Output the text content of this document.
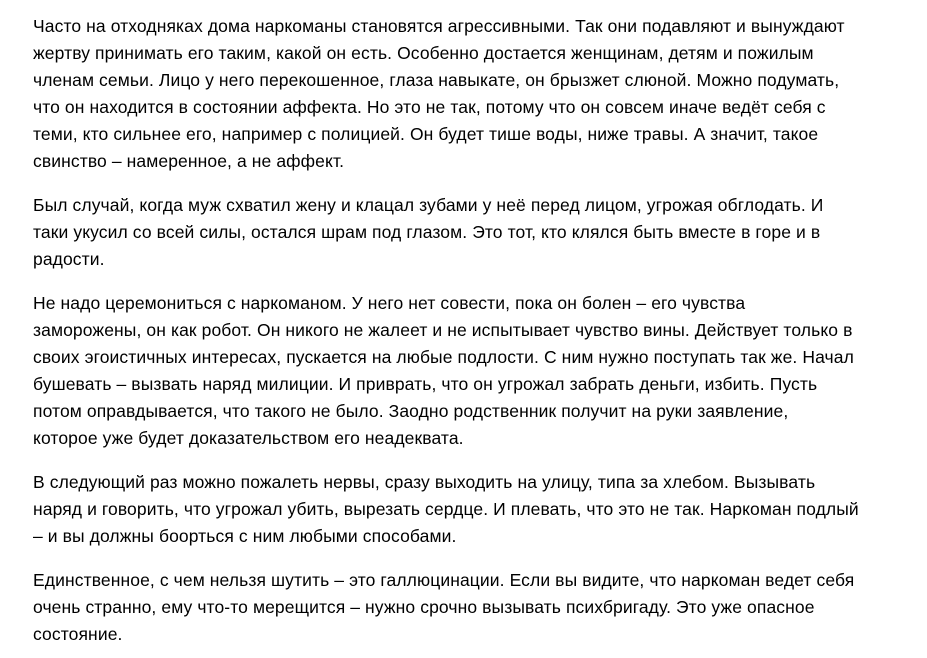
Часто на отходняках дома наркоманы становятся агрессивными. Так они подавляют и вынуждают
жертву принимать его таким, какой он есть. Особенно достается женщинам, детям и пожилым
членам семьи. Лицо у него перекошенное, глаза навыкате, он брызжет слюной. Можно подумать,
что он находится в состоянии аффекта. Но это не так, потому что он совсем иначе ведёт себя с
теми, кто сильнее его, например с полицией. Он будет тише воды, ниже травы. А значит, такое
свинство – намеренное, а не аффект.

Был случай, когда муж схватил жену и клацал зубами у неё перед лицом, угрожая обглодать. И
таки укусил со всей силы, остался шрам под глазом. Это тот, кто клялся быть вместе в горе и в
радости.

Не надо церемониться с наркоманом. У него нет совести, пока он болен – его чувства
заморожены, он как робот. Он никого не жалеет и не испытывает чувство вины. Действует только в
своих эгоистичных интересах, пускается на любые подлости. С ним нужно поступать так же. Начал
бушевать – вызвать наряд милиции. И приврать, что он угрожал забрать деньги, избить. Пусть
потом оправдывается, что такого не было. Заодно родственник получит на руки заявление,
которое уже будет доказательством его неадеквата.

В следующий раз можно пожалеть нервы, сразу выходить на улицу, типа за хлебом. Вызывать
наряд и говорить, что угрожал убить, вырезать сердце. И плевать, что это не так. Наркоман подлый
– и вы должны боорться с ним любыми способами.

Единственное, с чем нельзя шутить – это галлюцинации. Если вы видите, что наркоман ведет себя
очень странно, ему что-то мерещится – нужно срочно вызывать психбригаду. Это уже опасное
состояние.
